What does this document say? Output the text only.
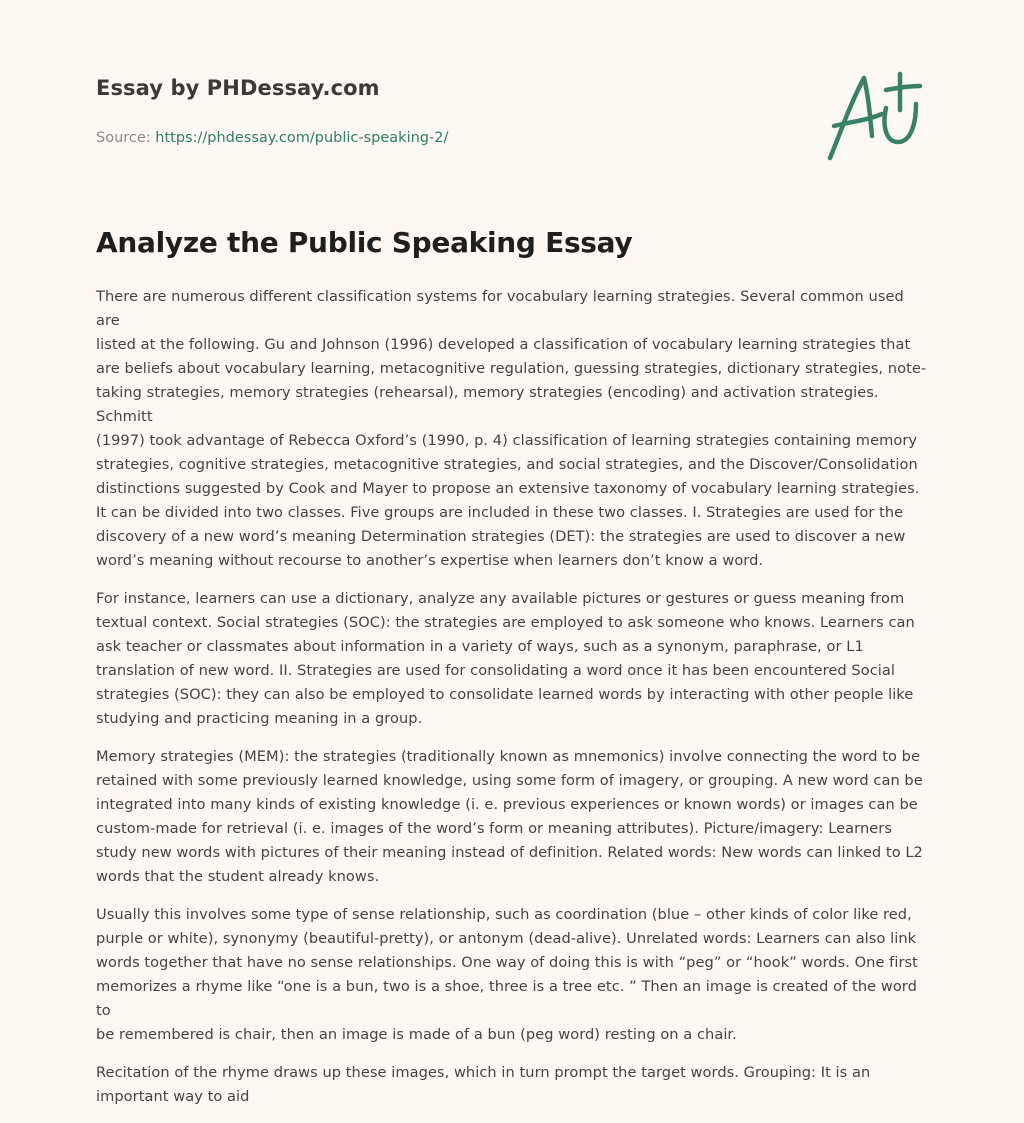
Essay by PHDessay.com
Source: https://phdessay.com/public-speaking-2/
Analyze the Public Speaking Essay

There are numerous different classification systems for vocabulary learning strategies. Several common used are
listed at the following. Gu and Johnson (1996) developed a classification of vocabulary learning strategies that
are beliefs about vocabulary learning, metacognitive regulation, guessing strategies, dictionary strategies, note-
taking strategies, memory strategies (rehearsal), memory strategies (encoding) and activation strategies. Schmitt
(1997) took advantage of Rebecca Oxford’s (1990, p. 4) classification of learning strategies containing memory
strategies, cognitive strategies, metacognitive strategies, and social strategies, and the Discover/Consolidation
distinctions suggested by Cook and Mayer to propose an extensive taxonomy of vocabulary learning strategies.
It can be divided into two classes. Five groups are included in these two classes. I. Strategies are used for the
discovery of a new word’s meaning Determination strategies (DET): the strategies are used to discover a new
word’s meaning without recourse to another’s expertise when learners don’t know a word.

For instance, learners can use a dictionary, analyze any available pictures or gestures or guess meaning from
textual context. Social strategies (SOC): the strategies are employed to ask someone who knows. Learners can
ask teacher or classmates about information in a variety of ways, such as a synonym, paraphrase, or L1
translation of new word. II. Strategies are used for consolidating a word once it has been encountered Social
strategies (SOC): they can also be employed to consolidate learned words by interacting with other people like
studying and practicing meaning in a group.

Memory strategies (MEM): the strategies (traditionally known as mnemonics) involve connecting the word to be
retained with some previously learned knowledge, using some form of imagery, or grouping. A new word can be
integrated into many kinds of existing knowledge (i. e. previous experiences or known words) or images can be
custom-made for retrieval (i. e. images of the word’s form or meaning attributes). Picture/imagery: Learners
study new words with pictures of their meaning instead of definition. Related words: New words can linked to L2
words that the student already knows.

Usually this involves some type of sense relationship, such as coordination (blue – other kinds of color like red,
purple or white), synonymy (beautiful-pretty), or antonym (dead-alive). Unrelated words: Learners can also link
words together that have no sense relationships. One way of doing this is with “peg” or “hook” words. One first
memorizes a rhyme like “one is a bun, two is a shoe, three is a tree etc. ” Then an image is created of the word to
be remembered is chair, then an image is made of a bun (peg word) resting on a chair.

Recitation of the rhyme draws up these images, which in turn prompt the target words. Grouping: It is an
important way to aid
